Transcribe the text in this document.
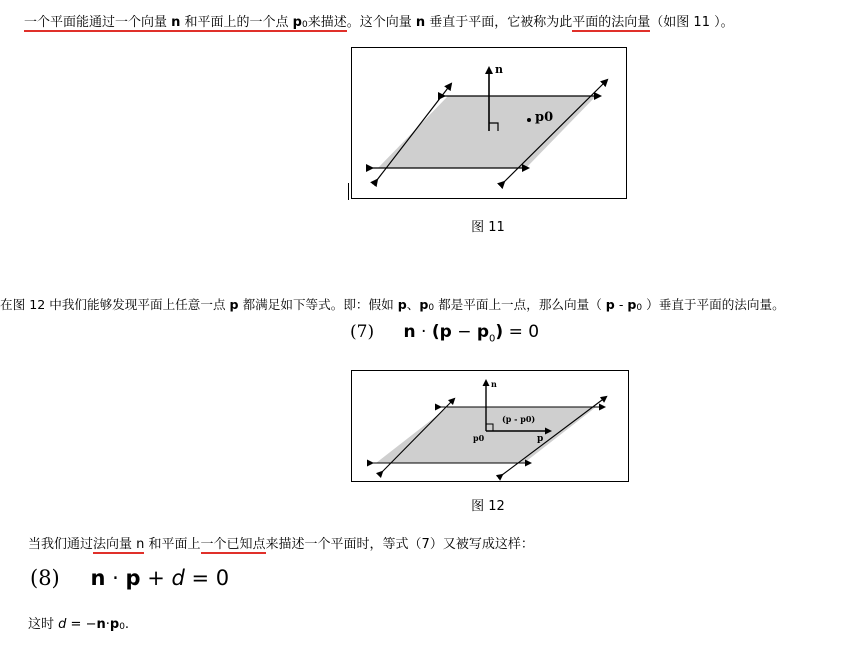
一个平面能通过一个向量 n 和平面上的一个点 p0来描述。这个向量 n 垂直于平面，它被称为此平面的法向量（如图 11 ）。
n
p0
图 11
在图 12 中我们能够发现平面上任意一点 p 都满足如下等式。即：假如 p、p0 都是平面上一点，那么向量（ p - p0 ）垂直于平面的法向量。
(7) $n \cdot (p - p_0) = 0$
n
(p - p0)
p0	p
图 12
当我们通过法向量 n 和平面上一个已知点来描述一个平面时，等式（7）又被写成这样：
(8) n · p + d = 0
这时 d = −n·p0.
